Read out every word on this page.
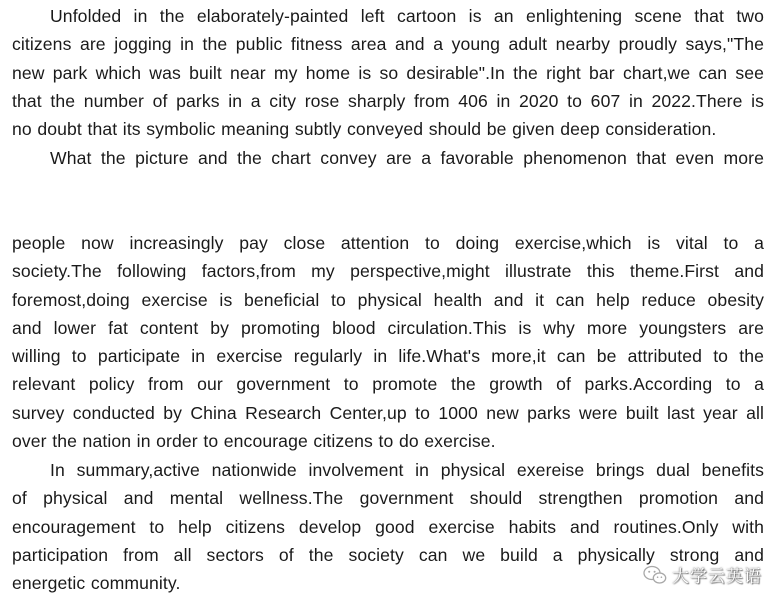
Unfolded in the elaborately-painted left cartoon is an enlightening scene that two
citizens are jogging in the public fitness area and a young adult nearby proudly says,"The
new park which was built near my home is so desirable".In the right bar chart,we can see
that the number of parks in a city rose sharply from 406 in 2020 to 607 in 2022.There is
no doubt that its symbolic meaning subtly conveyed should be given deep consideration.

What the picture and the chart convey are a favorable phenomenon that even more

people now increasingly pay close attention to doing exercise,which is vital to a
society.The following factors,from my perspective,might illustrate this theme.First and
foremost,doing exercise is beneficial to physical health and it can help reduce obesity
and lower fat content by promoting blood circulation.This is why more youngsters are
willing to participate in exercise regularly in life.What's more,it can be attributed to the
relevant policy from our government to promote the growth of parks.According to a
survey conducted by China Research Center,up to 1000 new parks were built last year all
over the nation in order to encourage citizens to do exercise.

In summary,active nationwide involvement in physical exereise brings dual benefits
of physical and mental wellness.The government should strengthen promotion and
encouragement to help citizens develop good exercise habits and routines.Only with
participation from all sectors of the society can we build a physically strong and
energetic community.	大学云英语
